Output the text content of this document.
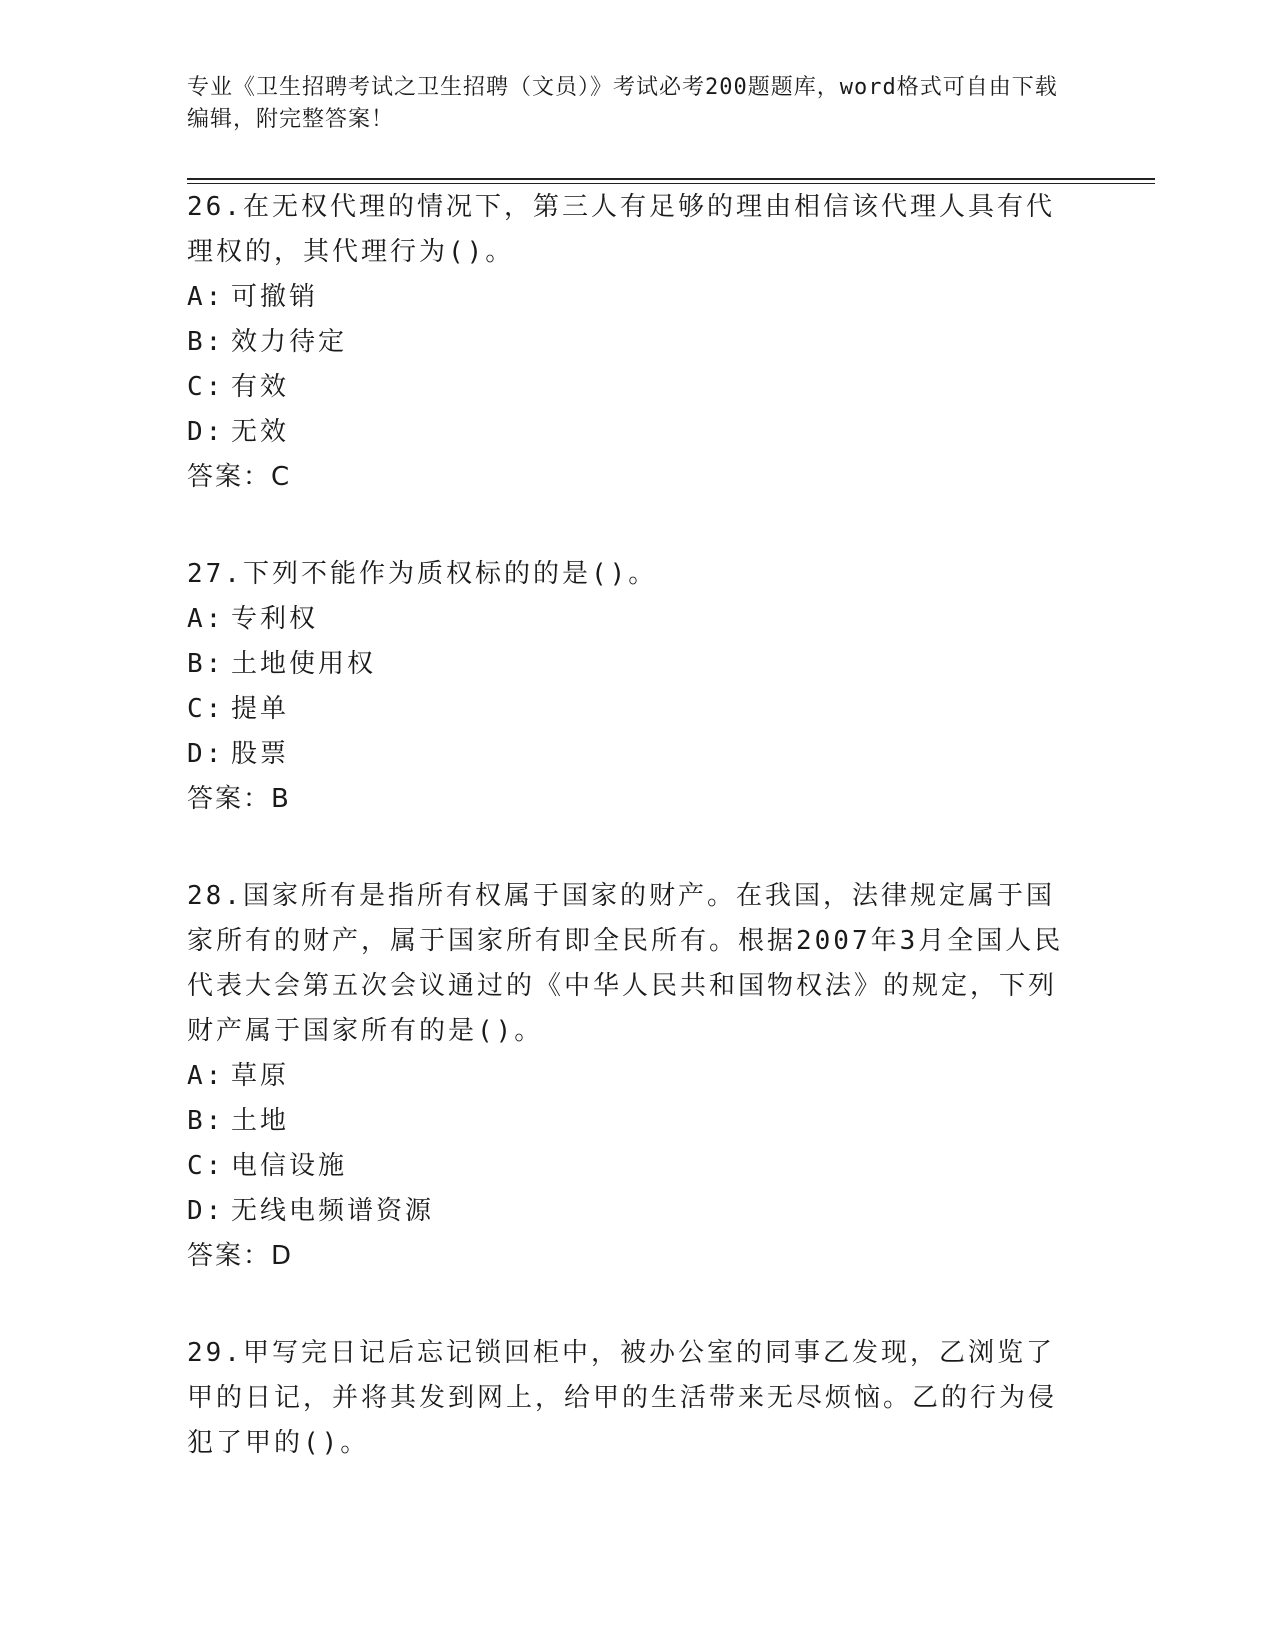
专业《卫生招聘考试之卫生招聘（文员）》考试必考200题题库，word格式可自由下载编辑，附完整答案！
26.在无权代理的情况下，第三人有足够的理由相信该代理人具有代理权的，其代理行为()。
A: 可撤销
B: 效力待定
C: 有效
D: 无效
答案：C
27.下列不能作为质权标的的是()。
A: 专利权
B: 土地使用权
C: 提单
D: 股票
答案：B
28.国家所有是指所有权属于国家的财产。在我国，法律规定属于国家所有的财产，属于国家所有即全民所有。根据2007年3月全国人民代表大会第五次会议通过的《中华人民共和国物权法》的规定，下列财产属于国家所有的是()。
A: 草原
B: 土地
C: 电信设施
D: 无线电频谱资源
答案：D
29.甲写完日记后忘记锁回柜中，被办公室的同事乙发现，乙浏览了甲的日记，并将其发到网上，给甲的生活带来无尽烦恼。乙的行为侵犯了甲的()。
